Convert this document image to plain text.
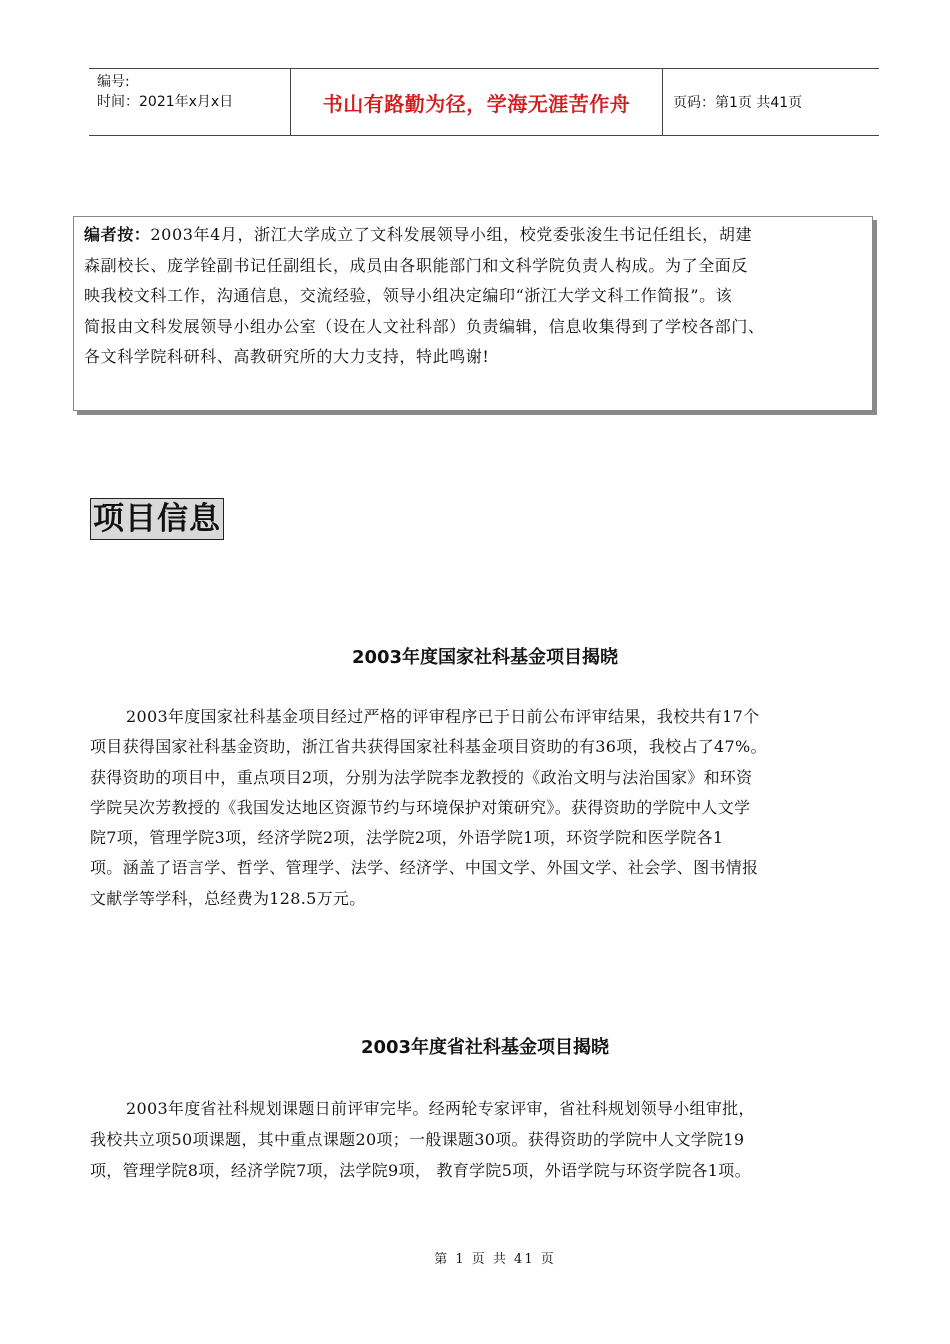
编号:
时间：2021年x月x日	书山有路勤为径，学海无涯苦作舟	页码：第1页 共41页
编者按：2003年4月，浙江大学成立了文科发展领导小组，校党委张浚生书记任组长，胡建
森副校长、庞学铨副书记任副组长，成员由各职能部门和文科学院负责人构成。为了全面反
映我校文科工作，沟通信息，交流经验，领导小组决定编印“浙江大学文科工作简报”。该
简报由文科发展领导小组办公室（设在人文社科部）负责编辑，信息收集得到了学校各部门、
各文科学院科研科、高教研究所的大力支持，特此鸣谢!
项目信息
2003年度国家社科基金项目揭晓
2003年度国家社科基金项目经过严格的评审程序已于日前公布评审结果，我校共有17个
项目获得国家社科基金资助，浙江省共获得国家社科基金项目资助的有36项，我校占了47%。
获得资助的项目中，重点项目2项，分别为法学院李龙教授的《政治文明与法治国家》和环资
学院吴次芳教授的《我国发达地区资源节约与环境保护对策研究》。获得资助的学院中人文学
院7项，管理学院3项，经济学院2项，法学院2项，外语学院1项，环资学院和医学院各1
项。涵盖了语言学、哲学、管理学、法学、经济学、中国文学、外国文学、社会学、图书情报
文献学等学科，总经费为128.5万元。
2003年度省社科基金项目揭晓
2003年度省社科规划课题日前评审完毕。经两轮专家评审，省社科规划领导小组审批，
我校共立项50项课题，其中重点课题20项；一般课题30项。获得资助的学院中人文学院19
项，管理学院8项，经济学院7项，法学院9项， 教育学院5项，外语学院与环资学院各1项。
第 1 页 共 41 页
